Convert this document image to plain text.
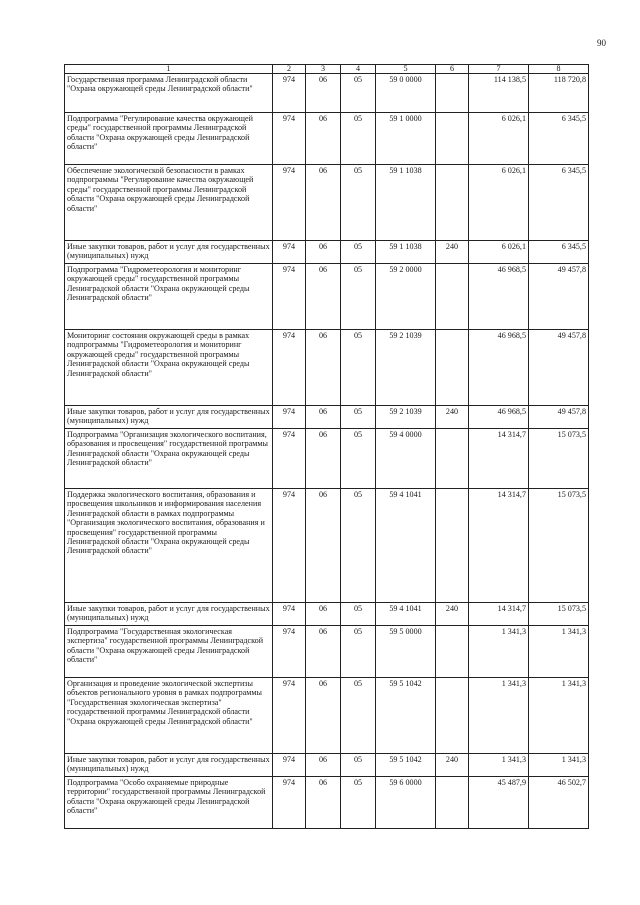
90
1	2	3	4	5	6	7	8
Государственная программа Ленинградской области "Охрана окружающей среды Ленинградской области"	974	06	05	59 0 0000		114 138,5	118 720,8
Подпрограмма "Регулирование качества окружающей среды" государственной программы Ленинградской области "Охрана окружающей среды Ленинградской области"	974	06	05	59 1 0000		6 026,1	6 345,5
Обеспечение экологической безопасности в рамках подпрограммы "Регулирование качества окружающей среды" государственной программы Ленинградской области "Охрана окружающей среды Ленинградской области"	974	06	05	59 1 1038		6 026,1	6 345,5
Иные закупки товаров, работ и услуг для государственных (муниципальных) нужд	974	06	05	59 1 1038	240	6 026,1	6 345,5
Подпрограмма "Гидрометеорология и мониторинг окружающей среды" государственной программы Ленинградской области "Охрана окружающей среды Ленинградской области"	974	06	05	59 2 0000		46 968,5	49 457,8
Мониторинг состояния окружающей среды в рамках подпрограммы "Гидрометеорология и мониторинг окружающей среды" государственной программы Ленинградской области "Охрана окружающей среды Ленинградской области"	974	06	05	59 2 1039		46 968,5	49 457,8
Иные закупки товаров, работ и услуг для государственных (муниципальных) нужд	974	06	05	59 2 1039	240	46 968,5	49 457,8
Подпрограмма "Организация экологического воспитания, образования и просвещения" государственной программы Ленинградской области "Охрана окружающей среды Ленинградской области"	974	06	05	59 4 0000		14 314,7	15 073,5
Поддержка экологического воспитания, образования и просвещения школьников и информирования населения Ленинградской области в рамках подпрограммы "Организация экологического воспитания, образования и просвещения" государственной программы Ленинградской области "Охрана окружающей среды Ленинградской области"	974	06	05	59 4 1041		14 314,7	15 073,5
Иные закупки товаров, работ и услуг для государственных (муниципальных) нужд	974	06	05	59 4 1041	240	14 314,7	15 073,5
Подпрограмма "Государственная экологическая экспертиза" государственной программы Ленинградской области "Охрана окружающей среды Ленинградской области"	974	06	05	59 5 0000		1 341,3	1 341,3
Организация и проведение экологической экспертизы объектов регионального уровня в рамках подпрограммы "Государственная экологическая экспертиза" государственной программы Ленинградской области "Охрана окружающей среды Ленинградской области"	974	06	05	59 5 1042		1 341,3	1 341,3
Иные закупки товаров, работ и услуг для государственных (муниципальных) нужд	974	06	05	59 5 1042	240	1 341,3	1 341,3
Подпрограмма "Особо охраняемые природные территории" государственной программы Ленинградской области "Охрана окружающей среды Ленинградской области"	974	06	05	59 6 0000		45 487,9	46 502,7
